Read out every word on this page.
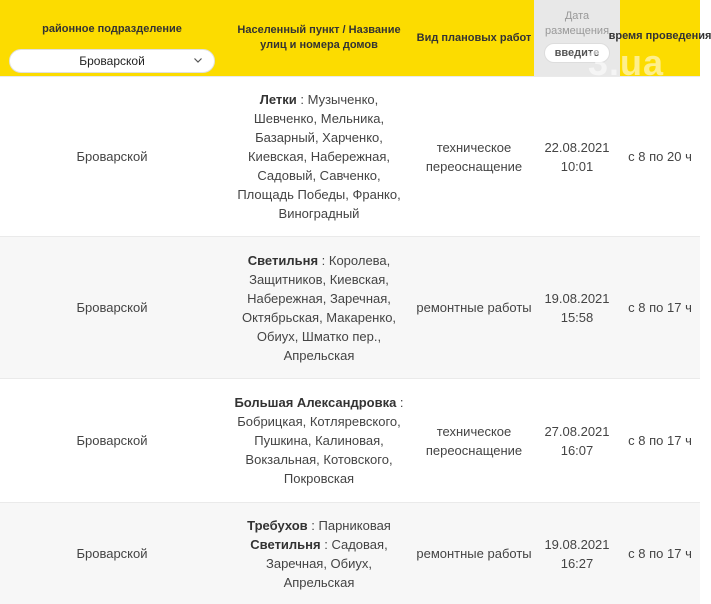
районное подразделение
Броварской
Населенный пункт / Название улиц и номера домов
Вид плановых работ
Дата размещения
введите
время проведения
3.ua
Броварской
Летки : Музыченко, Шевченко, Мельника, Базарный, Харченко, Киевская, Набережная, Садовый, Савченко, Площадь Победы, Франко, Виноградный
техническое переоснащение
22.08.2021
10:01
с 8 по 20 ч
Броварской
Светильня : Королева, Защитников, Киевская, Набережная, Заречная, Октябрьская, Макаренко, Обиух, Шматко пер., Апрельская
ремонтные работы
19.08.2021
15:58
с 8 по 17 ч
Броварской
Большая Александровка : Бобрицкая, Котляревского, Пушкина, Калиновая, Вокзальная, Котовского, Покровская
техническое переоснащение
27.08.2021
16:07
с 8 по 17 ч
Броварской
Требухов : Парниковая
Светильня : Садовая, Заречная, Обиух, Апрельская
ремонтные работы
19.08.2021
16:27
с 8 по 17 ч
